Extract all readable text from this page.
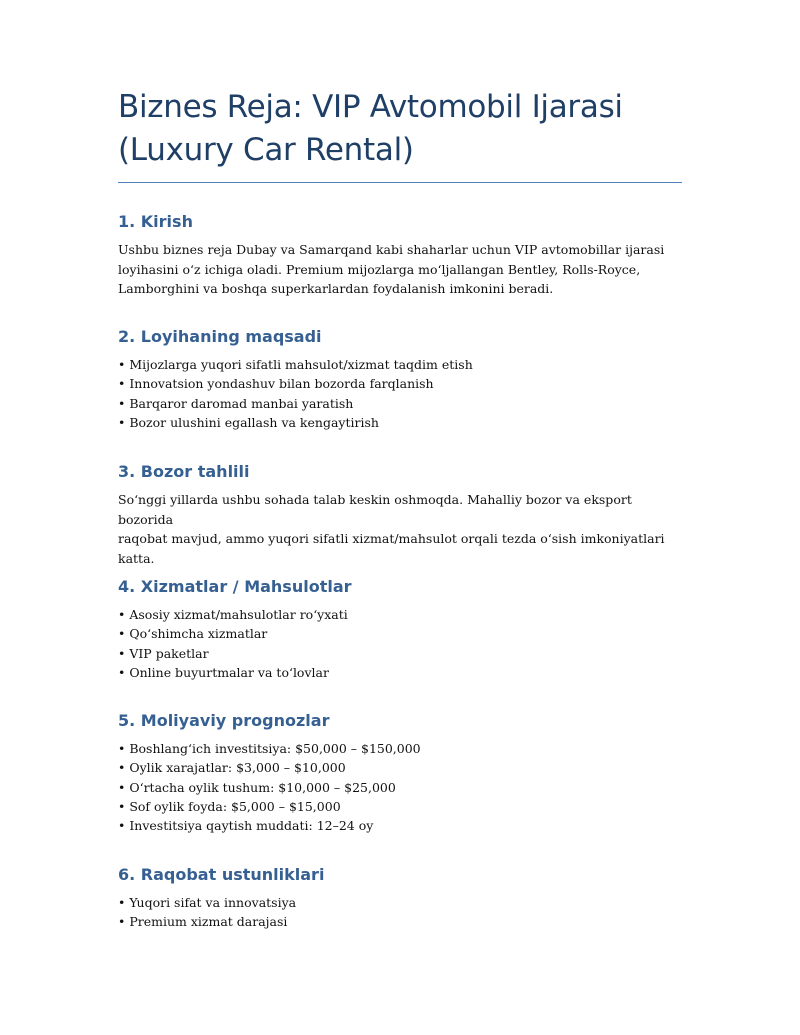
Biznes Reja: VIP Avtomobil Ijarasi
(Luxury Car Rental)
1. Kirish

Ushbu biznes reja Dubay va Samarqand kabi shaharlar uchun VIP avtomobillar ijarasi
loyihasini o‘z ichiga oladi. Premium mijozlarga mo‘ljallangan Bentley, Rolls-Royce,
Lamborghini va boshqa superkarlardan foydalanish imkonini beradi.

2. Loyihaning maqsadi
• Mijozlarga yuqori sifatli mahsulot/xizmat taqdim etish
• Innovatsion yondashuv bilan bozorda farqlanish
• Barqaror daromad manbai yaratish
• Bozor ulushini egallash va kengaytirish
3. Bozor tahlili

So‘nggi yillarda ushbu sohada talab keskin oshmoqda. Mahalliy bozor va eksport bozorida
raqobat mavjud, ammo yuqori sifatli xizmat/mahsulot orqali tezda o‘sish imkoniyatlari
katta.

4. Xizmatlar / Mahsulotlar
• Asosiy xizmat/mahsulotlar ro‘yxati
• Qo‘shimcha xizmatlar
• VIP paketlar
• Online buyurtmalar va to‘lovlar
5. Moliyaviy prognozlar
• Boshlang‘ich investitsiya: $50,000 – $150,000
• Oylik xarajatlar: $3,000 – $10,000
• O‘rtacha oylik tushum: $10,000 – $25,000
• Sof oylik foyda: $5,000 – $15,000
• Investitsiya qaytish muddati: 12–24 oy
6. Raqobat ustunliklari
• Yuqori sifat va innovatsiya
• Premium xizmat darajasi
